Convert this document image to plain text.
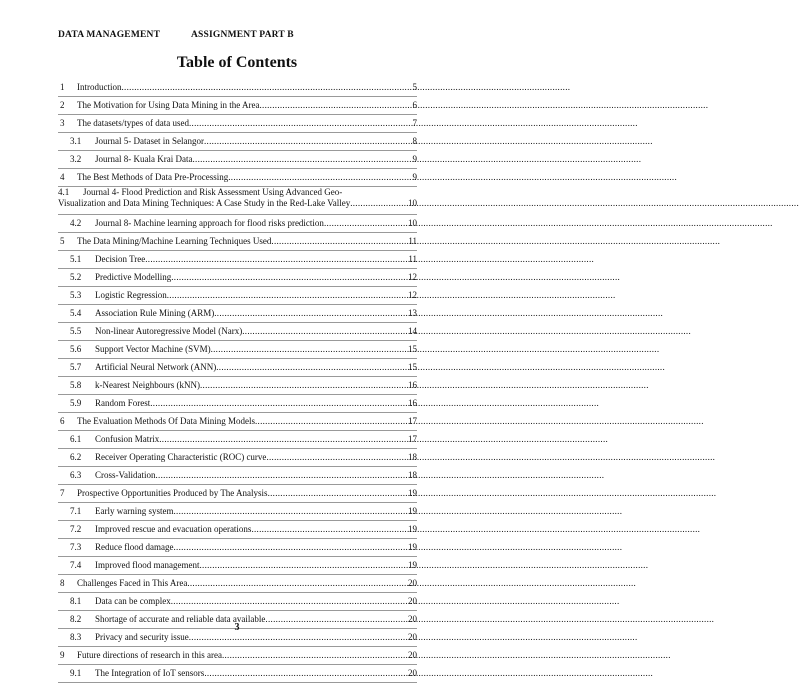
DATA MANAGEMENT	ASSIGNMENT PART B
Table of Contents
1	Introduction .....	5
2	The Motivation for Using Data Mining in the Area .....	6
3	The datasets/types of data used .....	7
3.1	Journal 5- Dataset in Selangor .....	8
3.2	Journal 8- Kuala Krai Data .....	9
4	The Best Methods of Data Pre-Processing .....	9
4.1	Journal 4- Flood Prediction and Risk Assessment Using Advanced Geo-
Visualization and Data Mining Techniques: A Case Study in the Red-Lake Valley .....	10
4.2	Journal 8- Machine learning approach for flood risks prediction .....	10
5	The Data Mining/Machine Learning Techniques Used .....	11
5.1	Decision Tree .....	11
5.2	Predictive Modelling .....	12
5.3	Logistic Regression .....	12
5.4	Association Rule Mining (ARM) .....	13
5.5	Non-linear Autoregressive Model (Narx) .....	14
5.6	Support Vector Machine (SVM) .....	15
5.7	Artificial Neural Network (ANN) .....	15
5.8	k-Nearest Neighbours (kNN) .....	16
5.9	Random Forest .....	16
6	The Evaluation Methods Of Data Mining Models .....	17
6.1	Confusion Matrix .....	17
6.2	Receiver Operating Characteristic (ROC) curve .....	18
6.3	Cross-Validation .....	18
7	Prospective Opportunities Produced by The Analysis .....	19
7.1	Early warning system .....	19
7.2	Improved rescue and evacuation operations .....	19
7.3	Reduce flood damage .....	19
7.4	Improved flood management .....	19
8	Challenges Faced in This Area .....	20
8.1	Data can be complex .....	20
8.2	Shortage of accurate and reliable data available .....	20
8.3	Privacy and security issue .....	20
9	Future directions of research in this area .....	20
9.1	The Integration of IoT sensors .....	20
3
